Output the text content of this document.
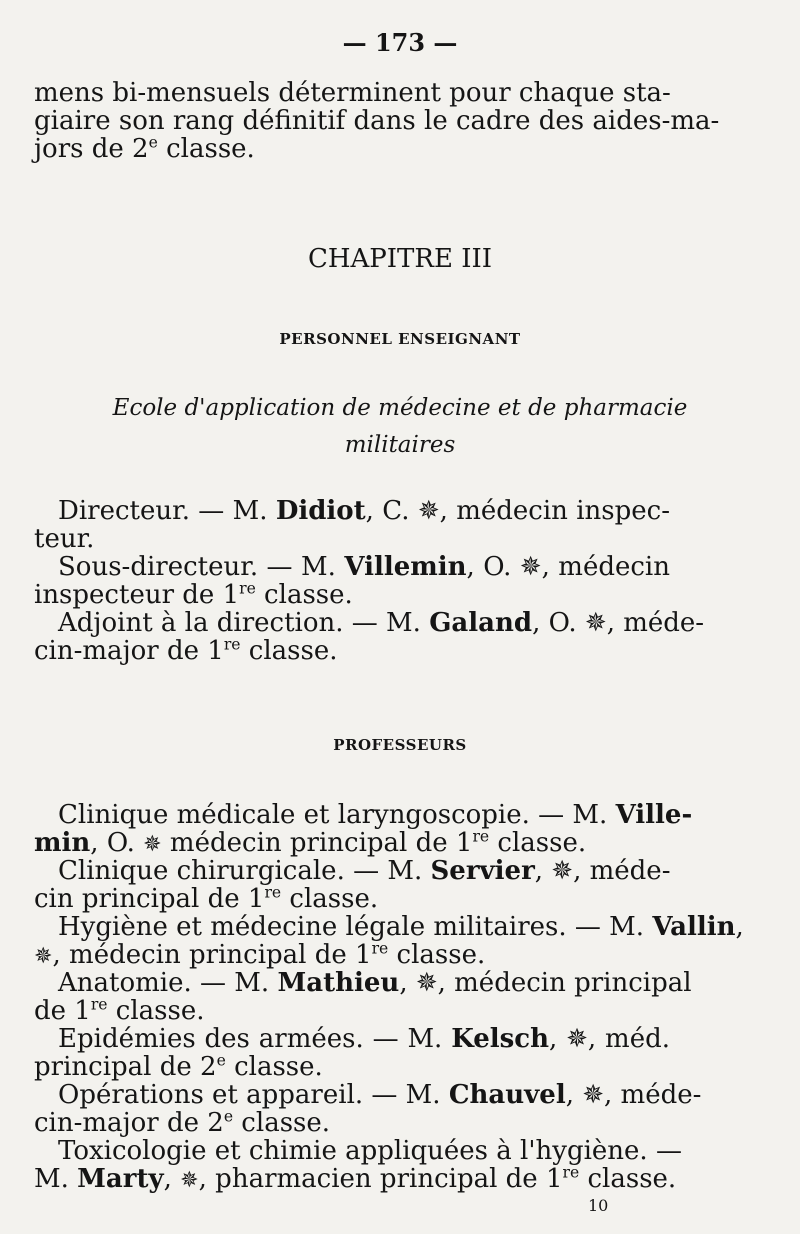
— 173 —
mens bi-mensuels déterminent pour chaque sta-
giaire son rang définitif dans le cadre des aides-ma-
jors de 2e classe.
CHAPITRE III
PERSONNEL ENSEIGNANT
Ecole d'application de médecine et de pharmacie
militaires
Directeur. — M. Didiot, C. ✵, médecin inspec-
teur.
Sous-directeur. — M. Villemin, O. ✵, médecin
inspecteur de 1re classe.
Adjoint à la direction. — M. Galand, O. ✵, méde-
cin-major de 1re classe.
PROFESSEURS
Clinique médicale et laryngoscopie. — M. Ville-
min, O. ✵ médecin principal de 1re classe.
Clinique chirurgicale. — M. Servier, ✵, méde-
cin principal de 1re classe.
Hygiène et médecine légale militaires. — M. Vallin,
✵, médecin principal de 1re classe.
Anatomie. — M. Mathieu, ✵, médecin principal
de 1re classe.
Epidémies des armées. — M. Kelsch, ✵, méd.
principal de 2e classe.
Opérations et appareil. — M. Chauvel, ✵, méde-
cin-major de 2e classe.
Toxicologie et chimie appliquées à l'hygiène. —
M. Marty, ✵, pharmacien principal de 1re classe.
10
